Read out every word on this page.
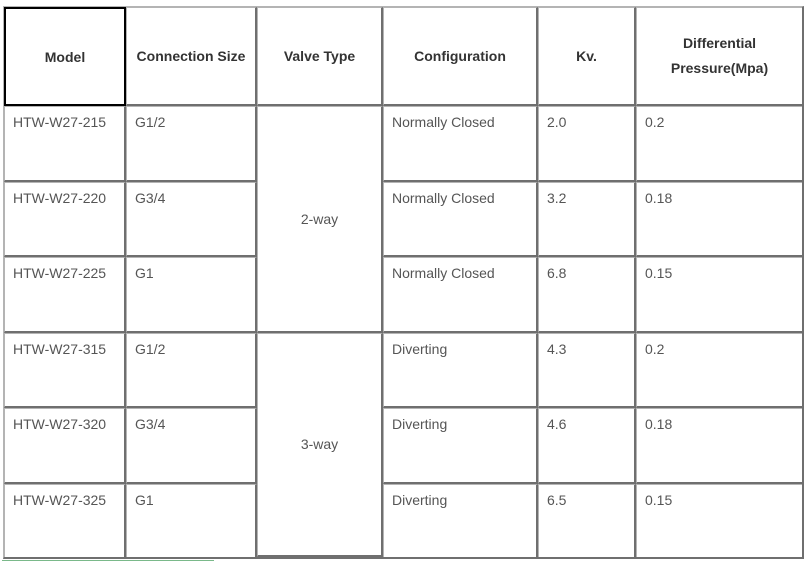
Model	Connection Size	Valve Type	Configuration	Kv.	Differential
Pressure(Mpa)

HTW-W27-215	G1/2	2-way	Normally Closed	2.0	0.2

HTW-W27-220	G3/4		Normally Closed	3.2	0.18

HTW-W27-225	G1		Normally Closed	6.8	0.15

HTW-W27-315	G1/2	3-way	Diverting	4.3	0.2

HTW-W27-320	G3/4		Diverting	4.6	0.18

HTW-W27-325	G1		Diverting	6.5	0.15
